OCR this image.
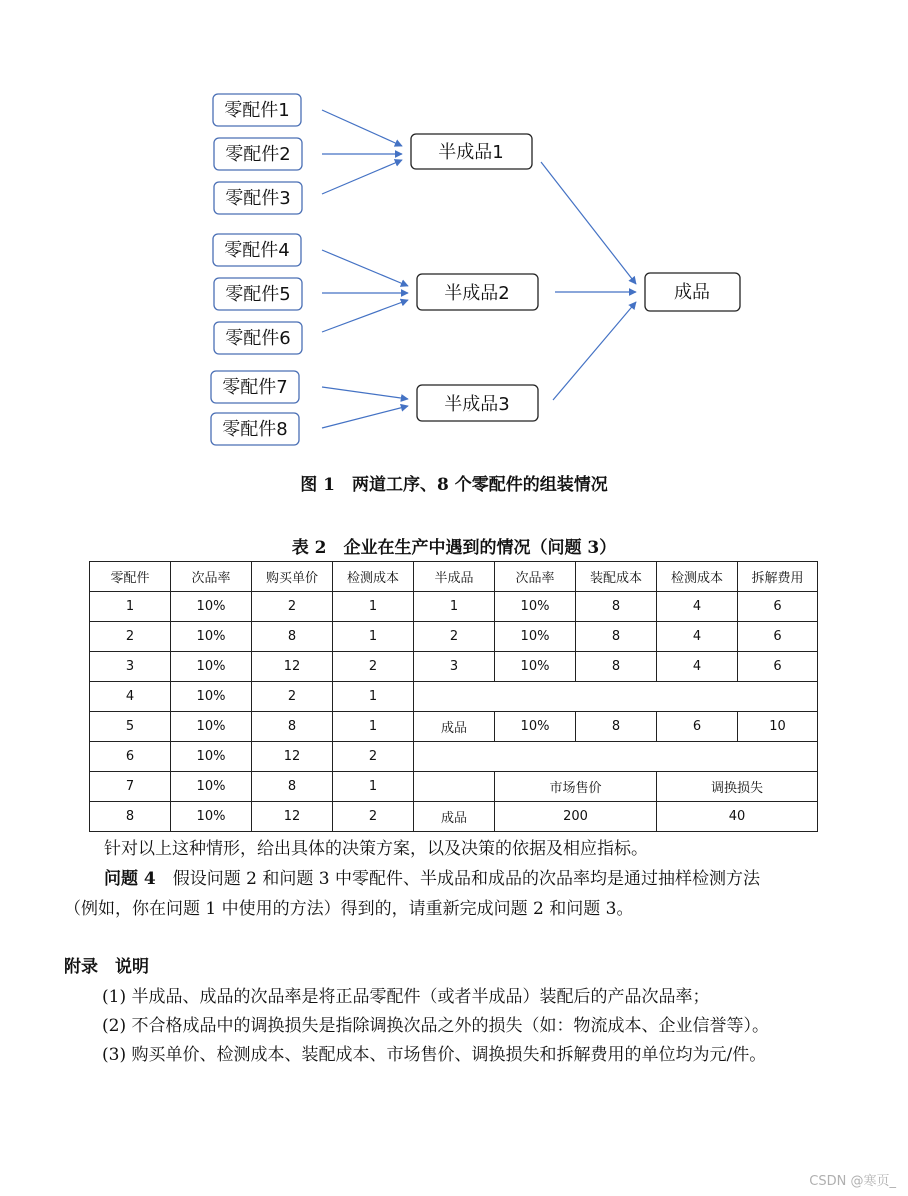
零配件1
零配件2
零配件3
零配件4
零配件5
零配件6
零配件7
零配件8
半成品1
半成品2
半成品3
成品
图 1　两道工序、8 个零配件的组装情况
表 2　企业在生产中遇到的情况（问题 3）
零配件	次品率	购买单价	检测成本	半成品	次品率	装配成本	检测成本	拆解费用
1	10%	2	1	1	10%	8	4	6
2	10%	8	1	2	10%	8	4	6
3	10%	12	2	3	10%	8	4	6
4	10%	2	1					
5	10%	8	1	成品	10%	8	6	10
6	10%	12	2					
7	10%	8	1		市场售价		调换损失	
8	10%	12	2	成品	200		40	

针对以上这种情形，给出具体的决策方案，以及决策的依据及相应指标。

问题 4　假设问题 2 和问题 3 中零配件、半成品和成品的次品率均是通过抽样检测方法

（例如，你在问题 1 中使用的方法）得到的，请重新完成问题 2 和问题 3。

附录　说明

(1) 半成品、成品的次品率是将正品零配件（或者半成品）装配后的产品次品率；

(2) 不合格成品中的调换损失是指除调换次品之外的损失（如：物流成本、企业信誉等）。

(3) 购买单价、检测成本、装配成本、市场售价、调换损失和拆解费用的单位均为元/件。

CSDN @寒页_
